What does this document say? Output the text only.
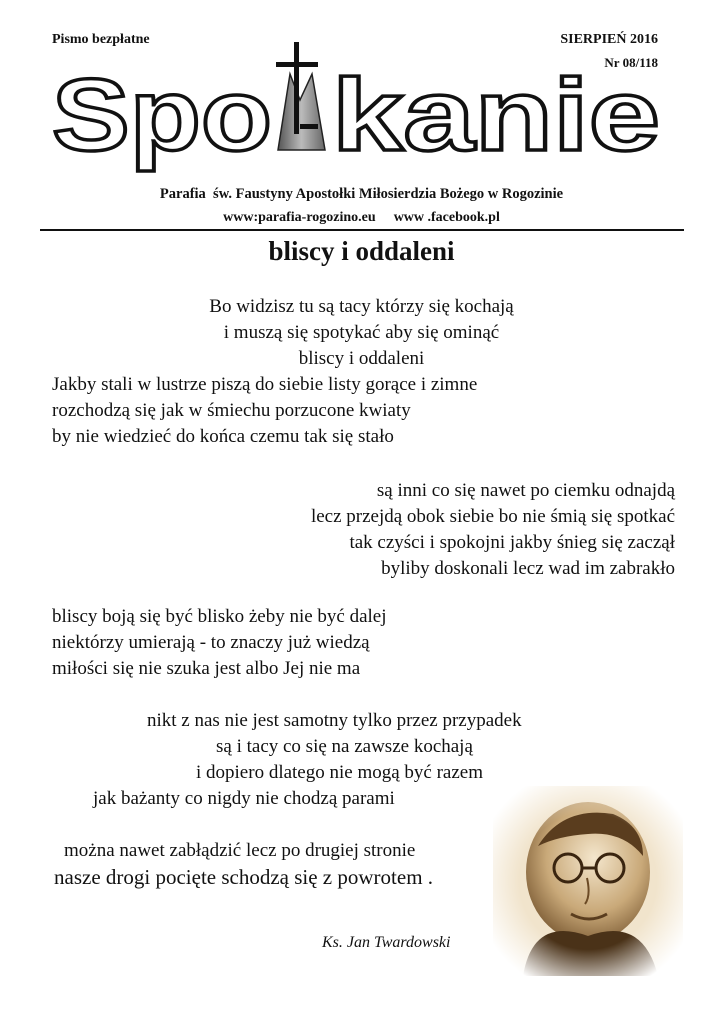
Pismo bezpłatne	SIERPIEŃ 2016
Nr 08/118
Spo kanie
Parafia  św. Faustyny Apostołki Miłosierdzia Bożego w Rogozinie
www:parafia-rogozino.eu www .facebook.pl
bliscy i oddaleni
Bo widzisz tu są tacy którzy się kochają
i muszą się spotykać aby się ominąć
bliscy i oddaleni
Jakby stali w lustrze piszą do siebie listy gorące i zimne
rozchodzą się jak w śmiechu porzucone kwiaty
by nie wiedzieć do końca czemu tak się stało
są inni co się nawet po ciemku odnajdą
lecz przejdą obok siebie bo nie śmią się spotkać
tak czyści i spokojni jakby śnieg się zaczął
byliby doskonali lecz wad im zabrakło
bliscy boją się być blisko żeby nie być dalej
niektórzy umierają - to znaczy już wiedzą
miłości się nie szuka jest albo Jej nie ma
nikt z nas nie jest samotny tylko przez przypadek
są i tacy co się na zawsze kochają
i dopiero dlatego nie mogą być razem
jak bażanty co nigdy nie chodzą parami
można nawet zabłądzić lecz po drugiej stronie
nasze drogi pocięte schodzą się z powrotem .
Ks. Jan Twardowski
